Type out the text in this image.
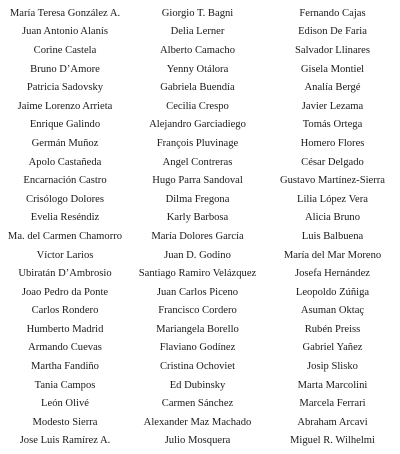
María Teresa González A.	Giorgio T. Bagni	Fernando Cajas
Juan Antonio Alanís	Delia Lerner	Edison De Faria
Corine Castela	Alberto Camacho	Salvador Llinares
Bruno D’Amore	Yenny Otálora	Gisela Montiel
Patricia Sadovsky	Gabriela Buendía	Analía Bergé
Jaime Lorenzo Arrieta	Cecilia Crespo	Javier Lezama
Enrique Galindo	Alejandro Garciadiego	Tomás Ortega
Germán Muñoz	François Pluvinage	Homero Flores
Apolo Castañeda	Angel Contreras	César Delgado
Encarnación Castro	Hugo Parra Sandoval	Gustavo Martínez-Sierra
Crisólogo Dolores	Dilma Fregona	Lilia López Vera
Evelia Reséndiz	Karly Barbosa	Alicia Bruno
Ma. del Carmen Chamorro	María Dolores García	Luis Balbuena
Víctor Larios	Juan D. Godino	María del Mar Moreno
Ubiratán D’Ambrosio	Santiago Ramiro Velázquez	Josefa Hernández
Joao Pedro da Ponte	Juan Carlos Piceno	Leopoldo Zúñiga
Carlos Rondero	Francisco Cordero	Asuman Oktaç
Humberto Madrid	Mariangela Borello	Rubén Preiss
Armando Cuevas	Flaviano Godínez	Gabriel Yañez
Martha Fandiño	Cristina Ochoviet	Josip Slisko
Tania Campos	Ed Dubinsky	Marta Marcolini
León Olivé	Carmen Sánchez	Marcela Ferrari
Modesto Sierra	Alexander Maz Machado	Abraham Arcavi
Jose Luis Ramírez A.	Julio Mosquera	Miguel R. Wilhelmi
